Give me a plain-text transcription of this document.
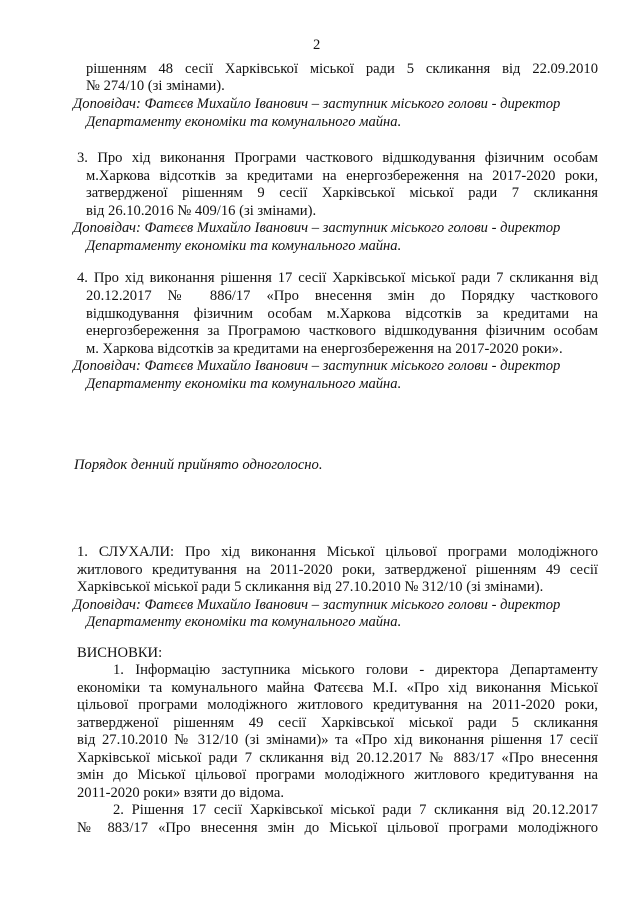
2
рішенням 48 сесії Харківської міської ради 5 скликання від 22.09.2010
№ 274/10 (зі змінами).
Доповідач: Фатєєв Михайло Іванович – заступник міського голови - директор
Департаменту економіки та комунального майна.
3. Про хід виконання Програми часткового відшкодування фізичним особам
м.Харкова відсотків за кредитами на енергозбереження на 2017-2020 роки,
затвердженої рішенням 9 сесії Харківської міської ради 7 скликання
від 26.10.2016 № 409/16 (зі змінами).
Доповідач: Фатєєв Михайло Іванович – заступник міського голови - директор
Департаменту економіки та комунального майна.
4. Про хід виконання рішення 17 сесії Харківської міської ради 7 скликання від
20.12.2017 № 886/17 «Про внесення змін до Порядку часткового
відшкодування фізичним особам м.Харкова відсотків за кредитами на
енергозбереження за Програмою часткового відшкодування фізичним особам
м. Харкова відсотків за кредитами на енергозбереження на 2017-2020 роки».
Доповідач: Фатєєв Михайло Іванович – заступник міського голови - директор
Департаменту економіки та комунального майна.
Порядок денний прийнято одноголосно.
1. СЛУХАЛИ: Про хід виконання Міської цільової програми молодіжного
житлового кредитування на 2011-2020 роки, затвердженої рішенням 49 сесії
Харківської міської ради 5 скликання від 27.10.2010 № 312/10 (зі змінами).
Доповідач: Фатєєв Михайло Іванович – заступник міського голови - директор
Департаменту економіки та комунального майна.
ВИСНОВКИ:
1. Інформацію заступника міського голови - директора Департаменту
економіки та комунального майна Фатєєва М.І. «Про хід виконання Міської
цільової програми молодіжного житлового кредитування на 2011-2020 роки,
затвердженої рішенням 49 сесії Харківської міської ради 5 скликання
від 27.10.2010 № 312/10 (зі змінами)» та «Про хід виконання рішення 17 сесії
Харківської міської ради 7 скликання від 20.12.2017 № 883/17 «Про внесення
змін до Міської цільової програми молодіжного житлового кредитування на
2011-2020 роки» взяти до відома.
2. Рішення 17 сесії Харківської міської ради 7 скликання від 20.12.2017
№ 883/17 «Про внесення змін до Міської цільової програми молодіжного
